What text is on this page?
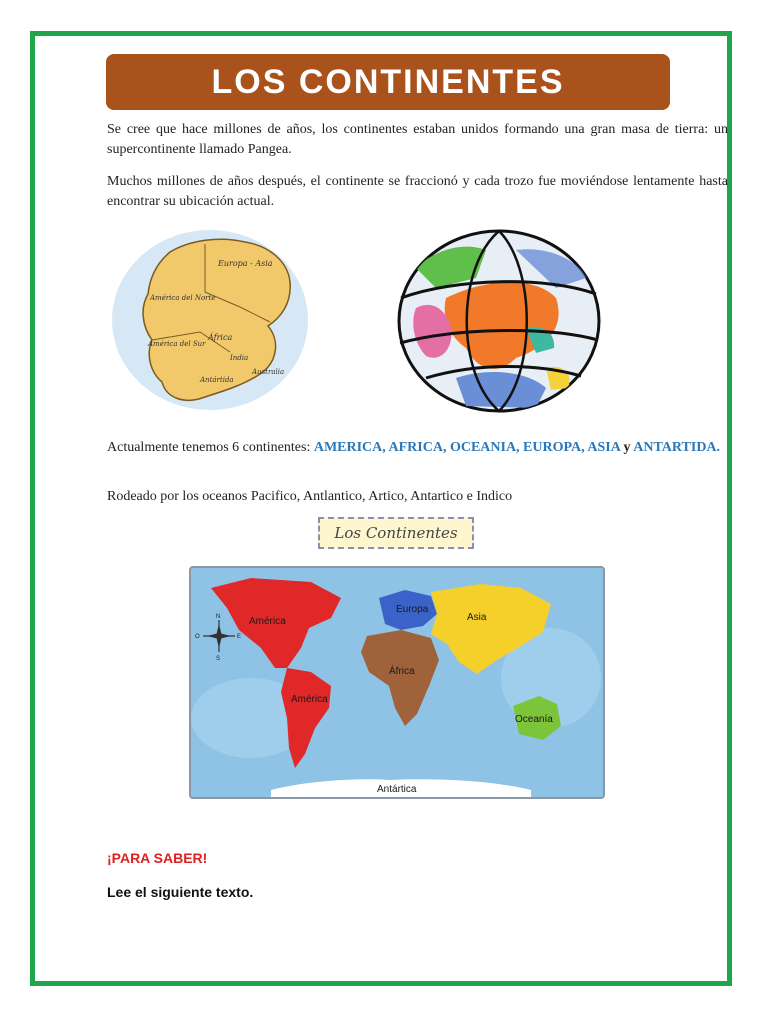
LOS CONTINENTES

Se cree que hace millones de años, los continentes estaban unidos formando una gran masa de tierra: un supercontinente llamado Pangea.

Muchos millones de años después, el continente se fraccionó y cada trozo fue moviéndose lentamente hasta encontrar su ubicación actual.

Europa - Asia
América del Norte
América del Sur
África
India
Antártida
Australia

Actualmente tenemos 6 continentes: AMERICA, AFRICA, OCEANIA, EUROPA, ASIA y ANTARTIDA.

Rodeado por los oceanos Pacifico, Antlantico, Artico, Antartico e Indico

Los Continentes
N
S
E
O
América
América
Europa
Asia
África
Oceanía
Antártica
¡PARA SABER!
Lee el siguiente texto.
